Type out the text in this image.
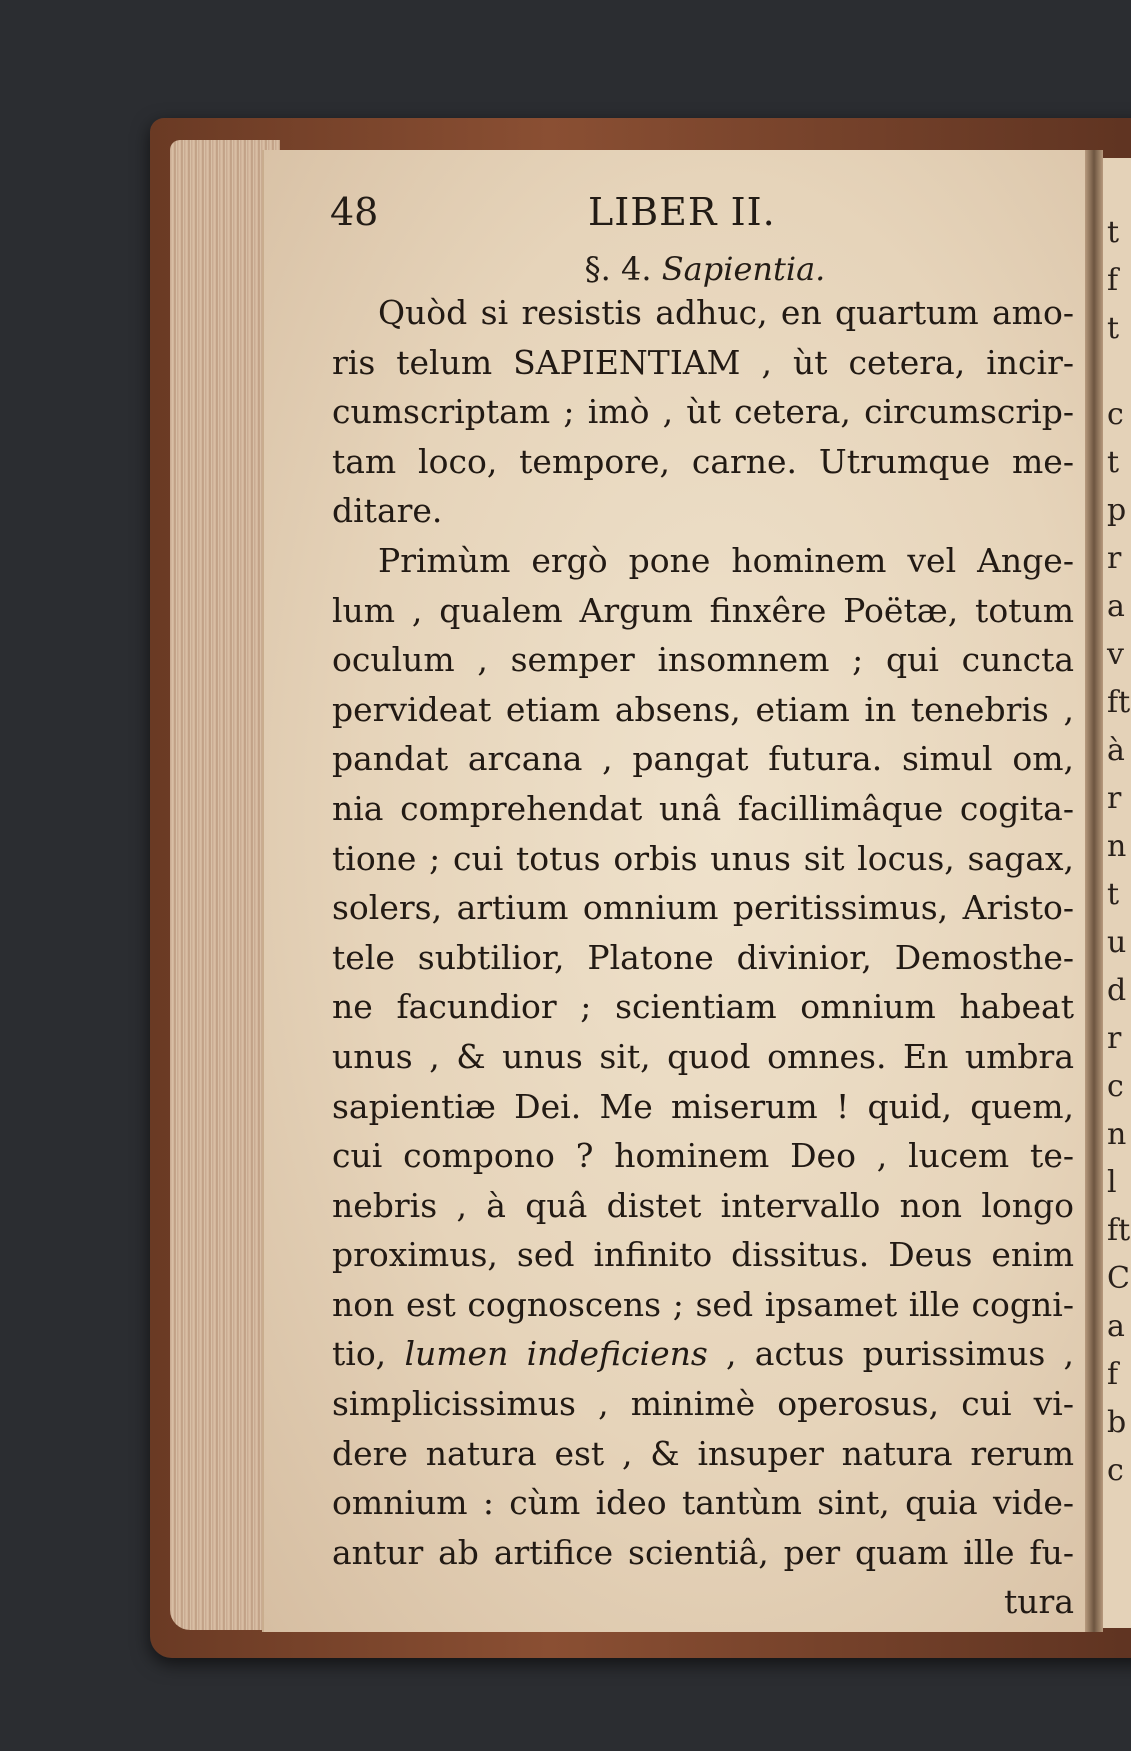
t
f
t
c
t
p
r
a
v
ft
à
r
n
t
u
d
r
c
n
l
ft
C
a
f
b
c
48	LIBER II.
§. 4. Sapientia.
Quòd si resistis adhuc, en quartum amo-
ris telum SAPIENTIAM , ùt cetera, incir-
cumscriptam ; imò , ùt cetera, circumscrip-
tam loco, tempore, carne. Utrumque me-
ditare.
Primùm ergò pone hominem vel Ange-
lum , qualem Argum finxêre Poëtæ, totum
oculum , semper insomnem ; qui cuncta
pervideat etiam absens, etiam in tenebris ,
pandat arcana , pangat futura. simul om,
nia comprehendat unâ facillimâque cogita-
tione ; cui totus orbis unus sit locus, sagax,
solers, artium omnium peritissimus, Aristo-
tele subtilior, Platone divinior, Demosthe-
ne facundior ; scientiam omnium habeat
unus , & unus sit, quod omnes. En umbra
sapientiæ Dei. Me miserum ! quid, quem,
cui compono ? hominem Deo , lucem te-
nebris , à quâ distet intervallo non longo
proximus, sed infinito dissitus. Deus enim
non est cognoscens ; sed ipsamet ille cogni-
tio, lumen indeficiens , actus purissimus ,
simplicissimus , minimè operosus, cui vi-
dere natura est , & insuper natura rerum
omnium : cùm ideo tantùm sint, quia vide-
antur ab artifice scientiâ, per quam ille fu-
tura
